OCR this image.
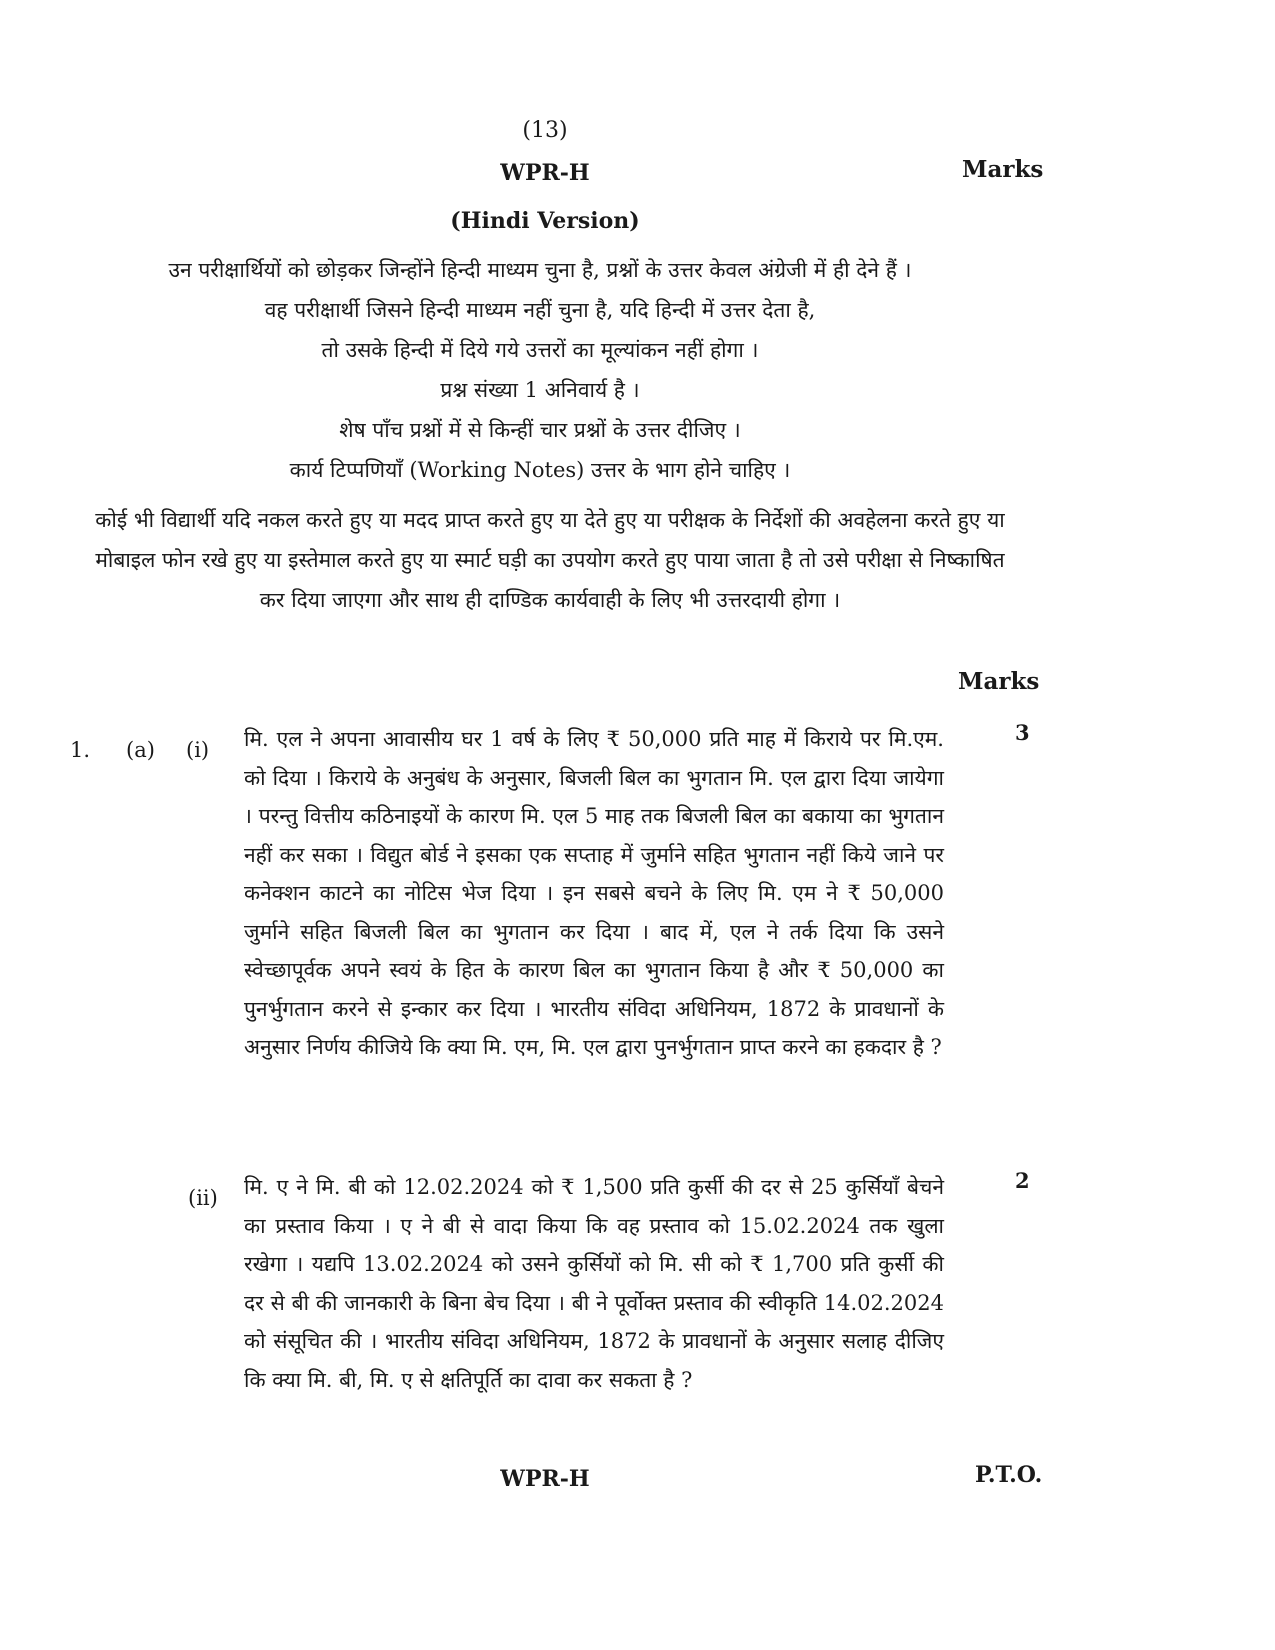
(13)
WPR-H	Marks
(Hindi Version)
उन परीक्षार्थियों को छोड़कर जिन्होंने हिन्दी माध्यम चुना है, प्रश्नों के उत्तर केवल अंग्रेजी में ही देने हैं ।
वह परीक्षार्थी जिसने हिन्दी माध्यम नहीं चुना है, यदि हिन्दी में उत्तर देता है,
तो उसके हिन्दी में दिये गये उत्तरों का मूल्यांकन नहीं होगा ।
प्रश्न संख्या 1 अनिवार्य है ।
शेष पाँच प्रश्नों में से किन्हीं चार प्रश्नों के उत्तर दीजिए ।
कार्य टिप्पणियाँ (Working Notes) उत्तर के भाग होने चाहिए ।
कोई भी विद्यार्थी यदि नकल करते हुए या मदद प्राप्त करते हुए या देते हुए या परीक्षक के निर्देशों की अवहेलना करते हुए या मोबाइल फोन रखे हुए या इस्तेमाल करते हुए या स्मार्ट घड़ी का उपयोग करते हुए पाया जाता है तो उसे परीक्षा से निष्काषित कर दिया जाएगा और साथ ही दाण्डिक कार्यवाही के लिए भी उत्तरदायी होगा ।
Marks
1. (a) (i) मि. एल ने अपना आवासीय घर 1 वर्ष के लिए ₹ 50,000 प्रति माह में किराये पर मि.एम. को दिया । किराये के अनुबंध के अनुसार, बिजली बिल का भुगतान मि. एल द्वारा दिया जायेगा । परन्तु वित्तीय कठिनाइयों के कारण मि. एल 5 माह तक बिजली बिल का बकाया का भुगतान नहीं कर सका । विद्युत बोर्ड ने इसका एक सप्ताह में जुर्माने सहित भुगतान नहीं किये जाने पर कनेक्शन काटने का नोटिस भेज दिया । इन सबसे बचने के लिए मि. एम ने ₹ 50,000 जुर्माने सहित बिजली बिल का भुगतान कर दिया । बाद में, एल ने तर्क दिया कि उसने स्वेच्छापूर्वक अपने स्वयं के हित के कारण बिल का भुगतान किया है और ₹ 50,000 का पुनर्भुगतान करने से इन्कार कर दिया । भारतीय संविदा अधिनियम, 1872 के प्रावधानों के अनुसार निर्णय कीजिये कि क्या मि. एम, मि. एल द्वारा पुनर्भुगतान प्राप्त करने का हकदार है ?
3
(ii) मि. ए ने मि. बी को 12.02.2024 को ₹ 1,500 प्रति कुर्सी की दर से 25 कुर्सियाँ बेचने का प्रस्ताव किया । ए ने बी से वादा किया कि वह प्रस्ताव को 15.02.2024 तक खुला रखेगा । यद्यपि 13.02.2024 को उसने कुर्सियों को मि. सी को ₹ 1,700 प्रति कुर्सी की दर से बी की जानकारी के बिना बेच दिया । बी ने पूर्वोक्त प्रस्ताव की स्वीकृति 14.02.2024 को संसूचित की । भारतीय संविदा अधिनियम, 1872 के प्रावधानों के अनुसार सलाह दीजिए कि क्या मि. बी, मि. ए से क्षतिपूर्ति का दावा कर सकता है ?
2
WPR-H	P.T.O.
